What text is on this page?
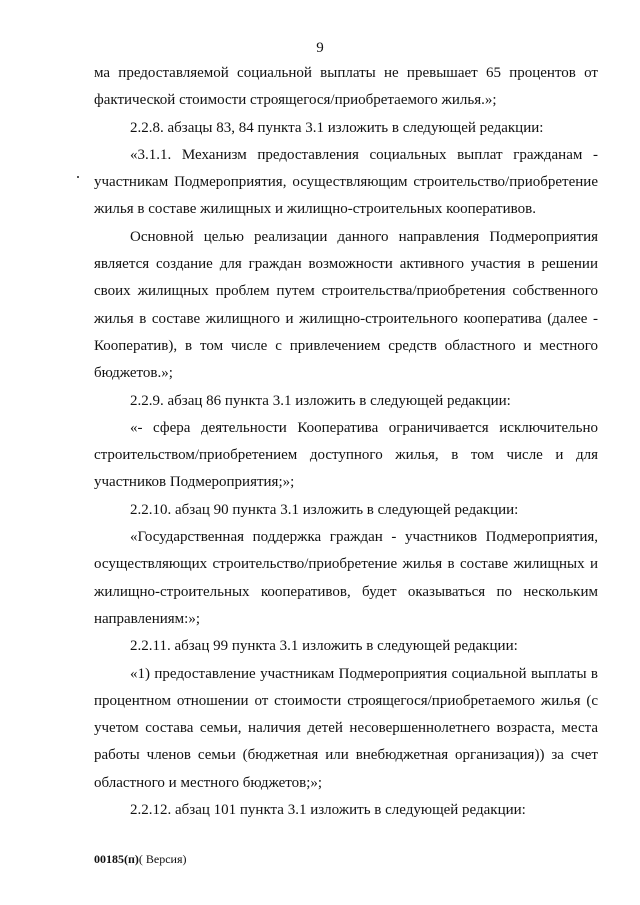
9

ма предоставляемой социальной выплаты не превышает 65 процентов от фактической стоимости строящегося/приобретаемого жилья.»;

2.2.8. абзацы 83, 84 пункта 3.1 изложить в следующей редакции:

«3.1.1. Механизм предоставления социальных выплат гражданам - участникам Подмероприятия, осуществляющим строительство/приобретение жилья в составе жилищных и жилищно-строительных кооперативов.

Основной целью реализации данного направления Подмероприятия является создание для граждан возможности активного участия в решении своих жилищных проблем путем строительства/приобретения собственного жилья в составе жилищного и жилищно-строительного кооператива (далее - Кооператив), в том числе с привлечением средств областного и местного бюджетов.»;

2.2.9. абзац 86 пункта 3.1 изложить в следующей редакции:

«- сфера деятельности Кооператива ограничивается исключительно строительством/приобретением доступного жилья, в том числе и для участников Подмероприятия;»;

2.2.10. абзац 90 пункта 3.1 изложить в следующей редакции:

«Государственная поддержка граждан - участников Подмероприятия, осуществляющих строительство/приобретение жилья в составе жилищных и жилищно-строительных кооперативов, будет оказываться по нескольким направлениям:»;

2.2.11. абзац 99 пункта 3.1 изложить в следующей редакции:

«1) предоставление участникам Подмероприятия социальной выплаты в процентном отношении от стоимости строящегося/приобретаемого жилья (с учетом состава семьи, наличия детей несовершеннолетнего возраста, места работы членов семьи (бюджетная или внебюджетная организация)) за счет областного и местного бюджетов;»;

2.2.12. абзац 101 пункта 3.1 изложить в следующей редакции:

00185(п)( Версия)
